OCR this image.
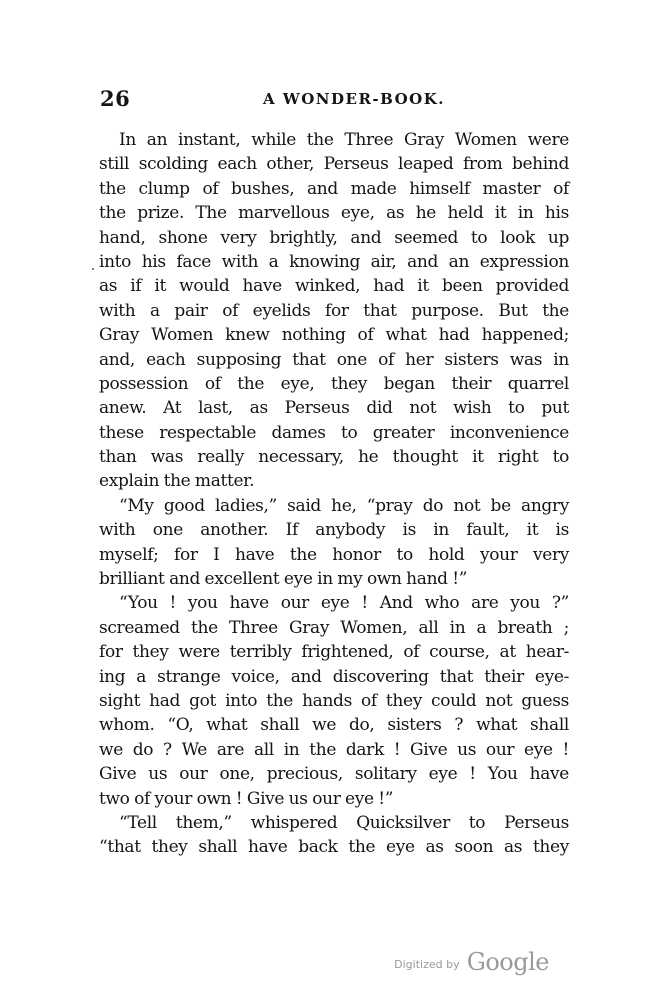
26	A WONDER-BOOK.
In an instant, while the Three Gray Women were
still scolding each other, Perseus leaped from behind
the clump of bushes, and made himself master of
the prize. The marvellous eye, as he held it in his
hand, shone very brightly, and seemed to look up
into his face with a knowing air, and an expression
as if it would have winked, had it been provided
with a pair of eyelids for that purpose. But the
Gray Women knew nothing of what had happened;
and, each supposing that one of her sisters was in
possession of the eye, they began their quarrel
anew. At last, as Perseus did not wish to put
these respectable dames to greater inconvenience
than was really necessary, he thought it right to
explain the matter.
“My good ladies,” said he, “pray do not be angry
with one another. If anybody is in fault, it is
myself; for I have the honor to hold your very
brilliant and excellent eye in my own hand !”
“You ! you have our eye ! And who are you ?”
screamed the Three Gray Women, all in a breath ;
for they were terribly frightened, of course, at hear-
ing a strange voice, and discovering that their eye-
sight had got into the hands of they could not guess
whom. “O, what shall we do, sisters ? what shall
we do ? We are all in the dark ! Give us our eye !
Give us our one, precious, solitary eye ! You have
two of your own ! Give us our eye !”
“Tell them,” whispered Quicksilver to Perseus
“that they shall have back the eye as soon as they
Digitized by Google
